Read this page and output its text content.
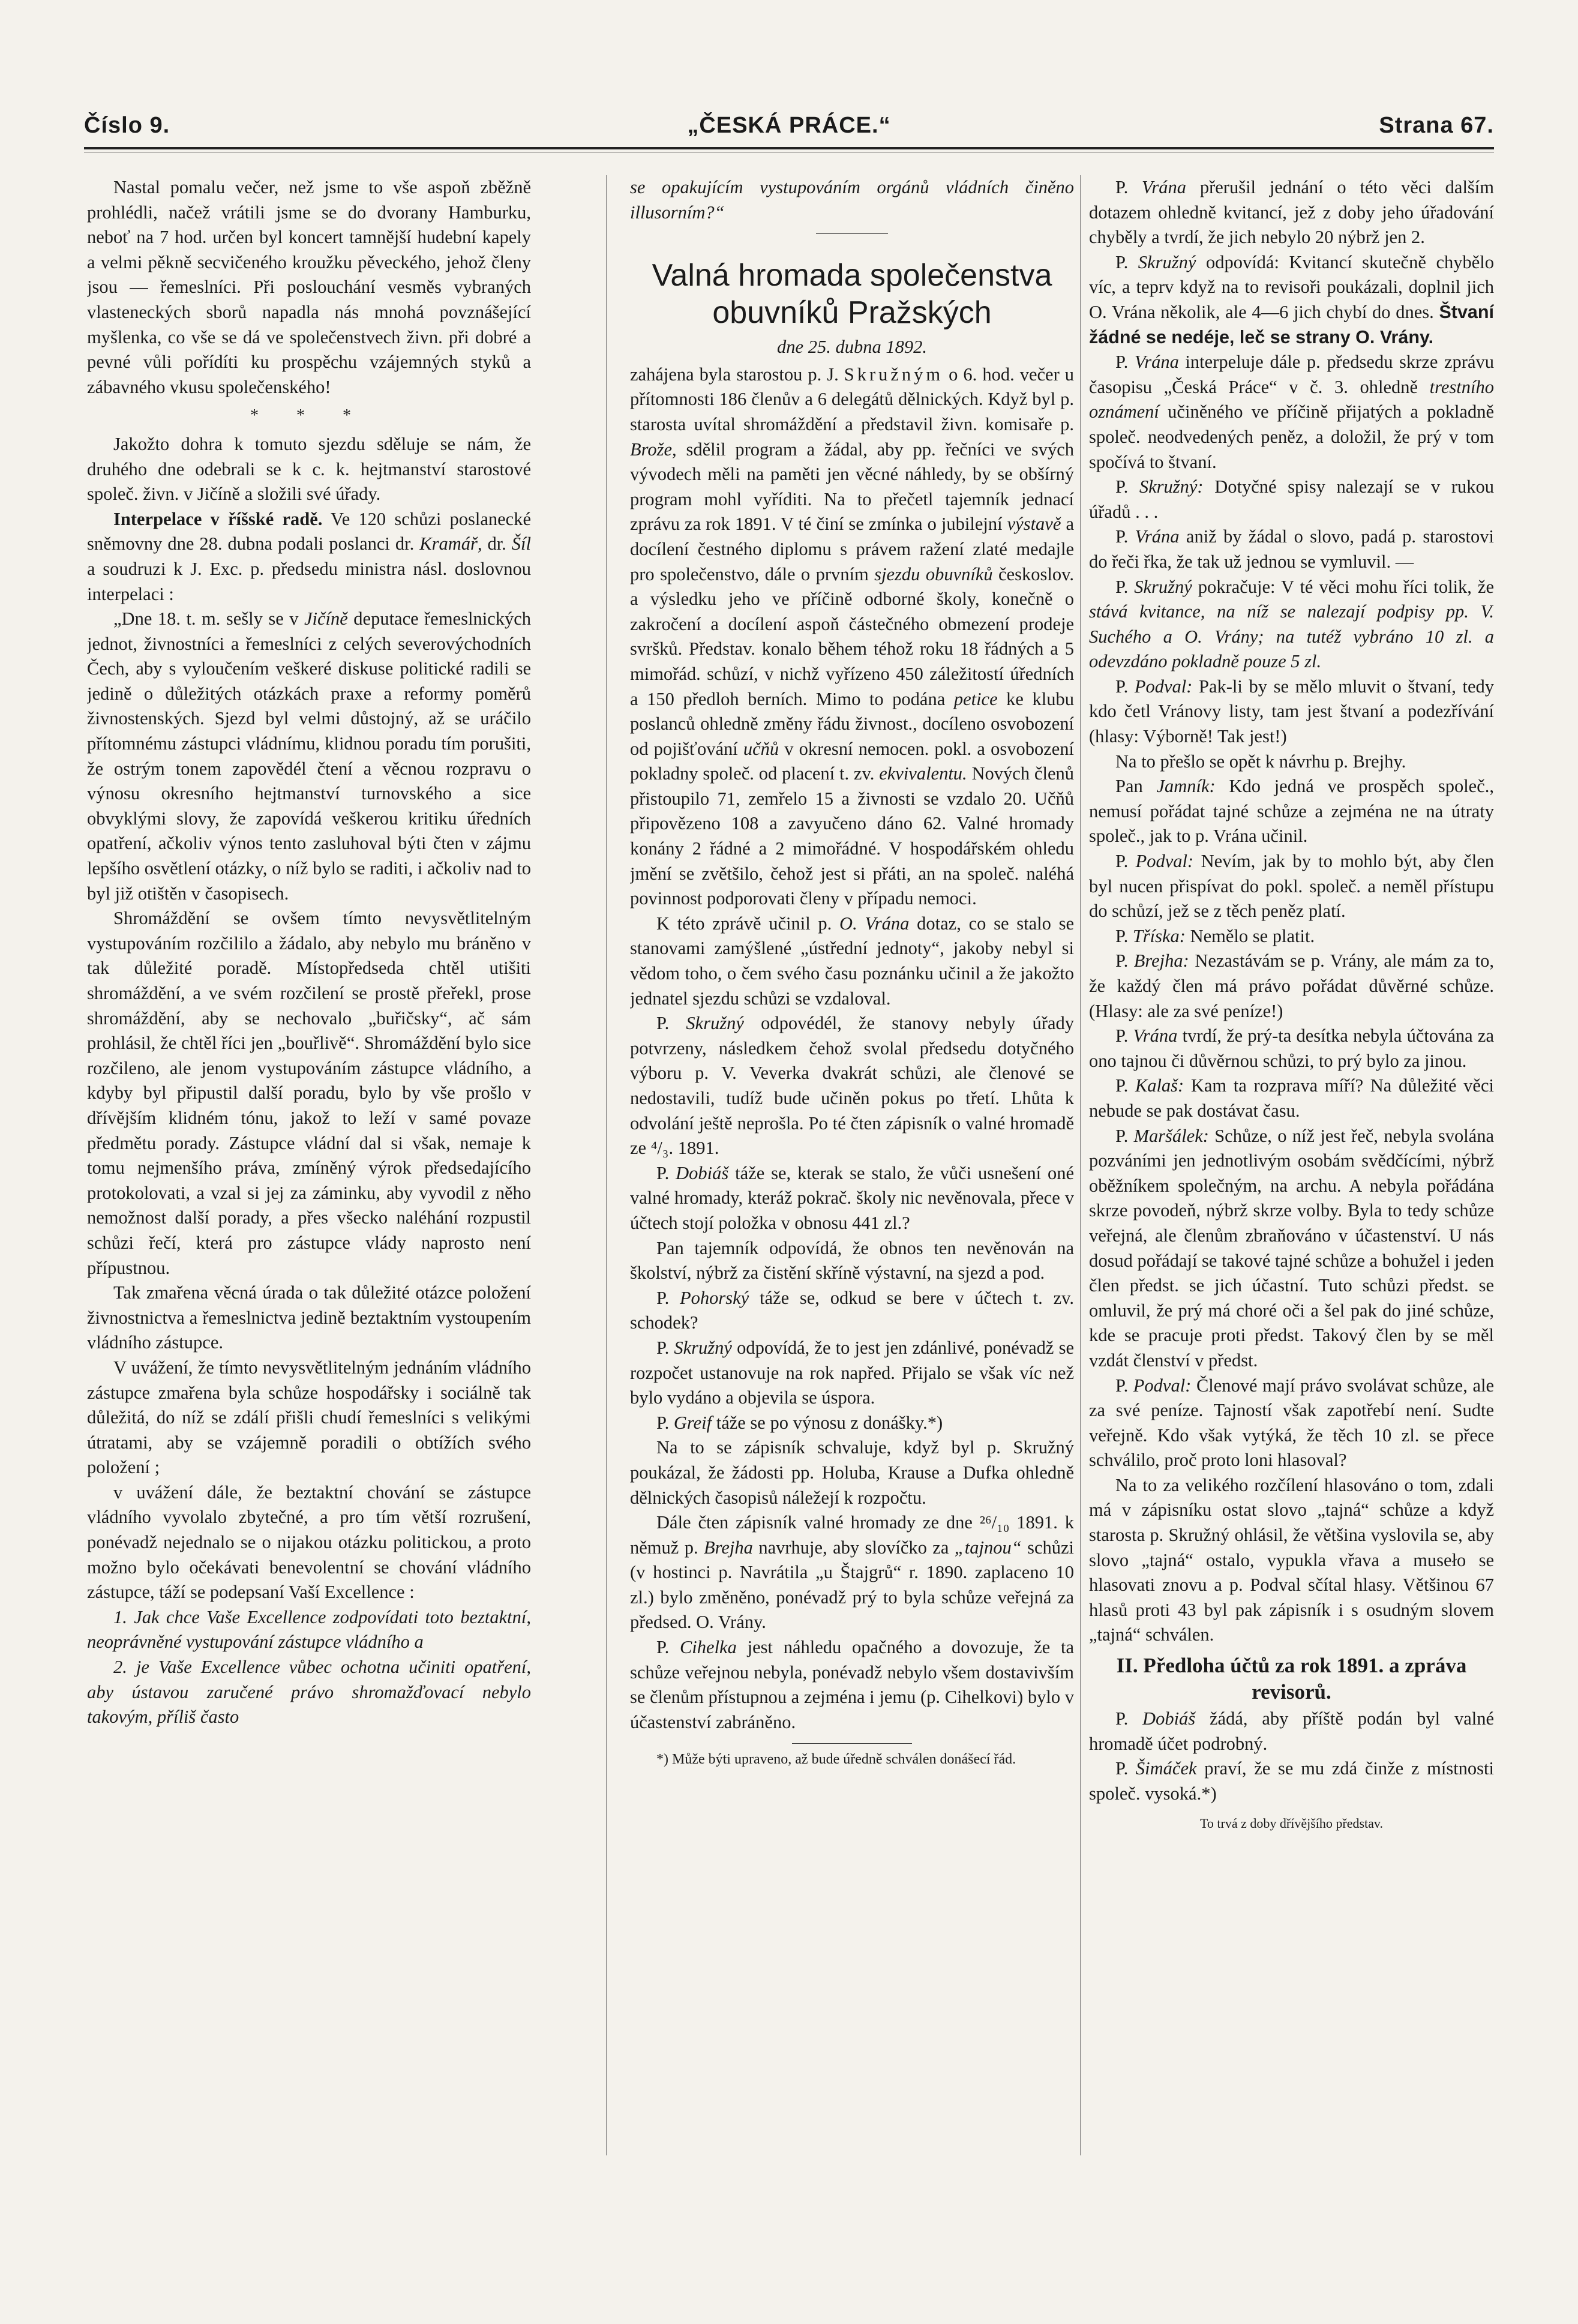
Číslo 9.	„ČESKÁ PRÁCE.“	Strana 67.

Nastal pomalu večer, než jsme to vše aspoň zběžně prohlédli, načež vrátili jsme se do dvorany Hamburku, neboť na 7 hod. určen byl koncert tamnější hudební kapely a velmi pěkně secvičeného kroužku pěveckého, jehož členy jsou — řemeslníci. Při poslouchání vesměs vybraných vlasteneckých sborů napadla nás mnohá povznášející myšlenka, co vše se dá ve společenstvech živn. při dobré a pevné vůli pořídíti ku prospěchu vzájemných styků a zábavného vkusu společenského!

* * *

Jakožto dohra k tomuto sjezdu sděluje se nám, že druhého dne odebrali se k c. k. hejtmanství starostové společ. živn. v Jičíně a složili své úřady.

Interpelace v říšské radě. Ve 120 schůzi poslanecké sněmovny dne 28. dubna podali poslanci dr. Kramář, dr. Šíl a soudruzi k J. Exc. p. předsedu ministra násl. doslovnou interpelaci :

„Dne 18. t. m. sešly se v Jičíně deputace řemeslnických jednot, živnostníci a řemeslníci z celých severovýchodních Čech, aby s vyloučením veškeré diskuse politické radili se jedině o důležitých otázkách praxe a reformy poměrů živnostenských. Sjezd byl velmi důstojný, až se uráčilo přítomnému zástupci vládnímu, klidnou poradu tím porušiti, že ostrým tonem zapovědél čtení a věcnou rozpravu o výnosu okresního hejtmanství turnovského a sice obvyklými slovy, že zapovídá veškerou kritiku úředních opatření, ačkoliv výnos tento zasluhoval býti čten v zájmu lepšího osvětlení otázky, o níž bylo se raditi, i ačkoliv nad to byl již otištěn v časopisech.

Shromáždění se ovšem tímto nevysvětlitelným vystupováním rozčililo a žádalo, aby nebylo mu bráněno v tak důležité poradě. Místopředseda chtěl utišiti shromáždění, a ve svém rozčilení se prostě přeřekl, prose shromáždění, aby se nechovalo „buřičsky“, ač sám prohlásil, že chtěl říci jen „bouřlivě“. Shromáždění bylo sice rozčileno, ale jenom vystupováním zástupce vládního, a kdyby byl připustil další poradu, bylo by vše prošlo v dřívějším klidném tónu, jakož to leží v samé povaze předmětu porady. Zástupce vládní dal si však, nemaje k tomu nejmenšího práva, zmíněný výrok předsedajícího protokolovati, a vzal si jej za záminku, aby vyvodil z něho nemožnost další porady, a přes všecko naléhání rozpustil schůzi řečí, která pro zástupce vlády naprosto není přípustnou.

Tak zmařena věcná úrada o tak důležité otázce položení živnostnictva a řemeslnictva jedině beztaktním vystoupením vládního zástupce.

V uvážení, že tímto nevysvětlitelným jednáním vládního zástupce zmařena byla schůze hospodářsky i sociálně tak důležitá, do níž se zdálí přišli chudí řemeslníci s velikými útratami, aby se vzájemně poradili o obtížích svého položení ;

v uvážení dále, že beztaktní chování se zástupce vládního vyvolalo zbytečné, a pro tím větší rozrušení, ponévadž nejednalo se o nijakou otázku politickou, a proto možno bylo očekávati benevolentní se chování vládního zástupce, táží se podepsaní Vaší Excellence :

1. Jak chce Vaše Excellence zodpovídati toto beztaktní, neoprávněné vystupování zástupce vládního a

2. je Vaše Excellence vůbec ochotna učiniti opatření, aby ústavou zaručené právo shromažďovací nebylo takovým, příliš často

se opakujícím vystupováním orgánů vládních činěno illusorním?“

Valná hromada společenstva obuvníků Pražských
dne 25. dubna 1892.

zahájena byla starostou p. J. Skružným o 6. hod. večer u přítomnosti 186 členův a 6 delegátů dělnických. Když byl p. starosta uvítal shromáždění a představil živn. komisaře p. Brože, sdělil program a žádal, aby pp. řečníci ve svých vývodech měli na paměti jen věcné náhledy, by se obšírný program mohl vyříditi. Na to přečetl tajemník jednací zprávu za rok 1891. V té činí se zmínka o jubilejní výstavě a docílení čestného diplomu s právem ražení zlaté medajle pro společenstvo, dále o prvním sjezdu obuvníků českoslov. a výsledku jeho ve příčině odborné školy, konečně o zakročení a docílení aspoň částečného obmezení prodeje svršků. Představ. konalo během téhož roku 18 řádných a 5 mimořád. schůzí, v nichž vyřízeno 450 záležitostí úředních a 150 předloh berních. Mimo to podána petice ke klubu poslanců ohledně změny řádu živnost., docíleno osvobození od pojišťování učňů v okresní nemocen. pokl. a osvobození pokladny společ. od placení t. zv. ekvivalentu. Nových členů přistoupilo 71, zemřelo 15 a živnosti se vzdalo 20. Učňů připovězeno 108 a zavyučeno dáno 62. Valné hromady konány 2 řádné a 2 mimořádné. V hospodářském ohledu jmění se zvětšilo, čehož jest si přáti, an na společ. naléhá povinnost podporovati členy v případu nemoci.

K této zprávě učinil p. O. Vrána dotaz, co se stalo se stanovami zamýšlené „ústřední jednoty“, jakoby nebyl si vědom toho, o čem svého času poznánku učinil a že jakožto jednatel sjezdu schůzi se vzdaloval.

P. Skružný odpovédél, že stanovy nebyly úřady potvrzeny, následkem čehož svolal předsedu dotyčného výboru p. V. Veverka dvakrát schůzi, ale členové se nedostavili, tudíž bude učiněn pokus po třetí. Lhůta k odvolání ještě neprošla. Po té čten zápisník o valné hromadě ze ⁴/₃. 1891.

P. Dobiáš táže se, kterak se stalo, že vůči usnešení oné valné hromady, kteráž pokrač. školy nic nevěnovala, přece v účtech stojí položka v obnosu 441 zl.?

Pan tajemník odpovídá, že obnos ten nevěnován na školství, nýbrž za čistění skříně výstavní, na sjezd a pod.

P. Pohorský táže se, odkud se bere v účtech t. zv. schodek?

P. Skružný odpovídá, že to jest jen zdánlivé, ponévadž se rozpočet ustanovuje na rok napřed. Přijalo se však víc než bylo vydáno a objevila se úspora.

P. Greif táže se po výnosu z donášky.*)

Na to se zápisník schvaluje, když byl p. Skružný poukázal, že žádosti pp. Holuba, Krause a Dufka ohledně dělnických časopisů náležejí k rozpočtu.

Dále čten zápisník valné hromady ze dne ²⁶/₁₀ 1891. k němuž p. Brejha navrhuje, aby slovíčko za „tajnou“ schůzi (v hostinci p. Navrátila „u Štajgrů“ r. 1890. zaplaceno 10 zl.) bylo změněno, ponévadž prý to byla schůze veřejná za předsed. O. Vrány.

P. Cihelka jest náhledu opačného a dovozuje, že ta schůze veřejnou nebyla, ponévadž nebylo všem dostavivším se členům přístupnou a zejména i jemu (p. Cihelkovi) bylo v účastenství zabráněno.

*) Může býti upraveno, až bude úředně schválen donášecí řád.

P. Vrána přerušil jednání o této věci dalším dotazem ohledně kvitancí, jež z doby jeho úřadování chyběly a tvrdí, že jich nebylo 20 nýbrž jen 2.

P. Skružný odpovídá: Kvitancí skutečně chybělo víc, a teprv když na to revisoři poukázali, doplnil jich O. Vrána několik, ale 4—6 jich chybí do dnes. Štvaní žádné se nedéje, leč se strany O. Vrány.

P. Vrána interpeluje dále p. předsedu skrze zprávu časopisu „Česká Práce“ v č. 3. ohledně trestního oznámení učiněného ve příčině přijatých a pokladně společ. neodvedených peněz, a doložil, že prý v tom spočívá to štvaní.

P. Skružný: Dotyčné spisy nalezají se v rukou úřadů . . .

P. Vrána aniž by žádal o slovo, padá p. starostovi do řeči řka, že tak už jednou se vymluvil. —

P. Skružný pokračuje: V té věci mohu říci tolik, že stává kvitance, na níž se nalezají podpisy pp. V. Suchého a O. Vrány; na tutéž vybráno 10 zl. a odevzdáno pokladně pouze 5 zl.

P. Podval: Pak-li by se mělo mluvit o štvaní, tedy kdo četl Vránovy listy, tam jest štvaní a podezřívání (hlasy: Výborně! Tak jest!)

Na to přešlo se opět k návrhu p. Brejhy.

Pan Jamník: Kdo jedná ve prospěch společ., nemusí pořádat tajné schůze a zejména ne na útraty společ., jak to p. Vrána učinil.

P. Podval: Nevím, jak by to mohlo být, aby člen byl nucen přispívat do pokl. společ. a neměl přístupu do schůzí, jež se z těch peněz platí.

P. Tříska: Nemělo se platit.

P. Brejha: Nezastávám se p. Vrány, ale mám za to, že každý člen má právo pořádat důvěrné schůze. (Hlasy: ale za své peníze!)

P. Vrána tvrdí, že prý-ta desítka nebyla účtována za ono tajnou či důvěrnou schůzi, to prý bylo za jinou.

P. Kalaš: Kam ta rozprava míří? Na důležité věci nebude se pak dostávat času.

P. Maršálek: Schůze, o níž jest řeč, nebyla svolána pozváními jen jednotlivým osobám svědčícími, nýbrž oběžníkem společným, na archu. A nebyla pořádána skrze povodeň, nýbrž skrze volby. Byla to tedy schůze veřejná, ale členům zbraňováno v účastenství. U nás dosud pořádají se takové tajné schůze a bohužel i jeden člen předst. se jich účastní. Tuto schůzi předst. se omluvil, že prý má choré oči a šel pak do jiné schůze, kde se pracuje proti předst. Takový člen by se měl vzdát členství v předst.

P. Podval: Členové mají právo svolávat schůze, ale za své peníze. Tajností však zapotřebí není. Sudte veřejně. Kdo však vytýká, že těch 10 zl. se přece schválilo, proč proto loni hlasoval?

Na to za velikého rozčílení hlasováno o tom, zdali má v zápisníku ostat slovo „tajná“ schůze a když starosta p. Skružný ohlásil, že většina vyslovila se, aby slovo „tajná“ ostalo, vypukla vřava a museło se hlasovati znovu a p. Podval sčítal hlasy. Většinou 67 hlasů proti 43 byl pak zápisník i s osudným slovem „tajná“ schválen.

II. Předloha účtů za rok 1891. a zpráva revisorů.

P. Dobiáš žádá, aby příště podán byl valné hromadě účet podrobný.

P. Šimáček praví, že se mu zdá činže z místnosti společ. vysoká.*)

To trvá z doby dřívějšího představ.
